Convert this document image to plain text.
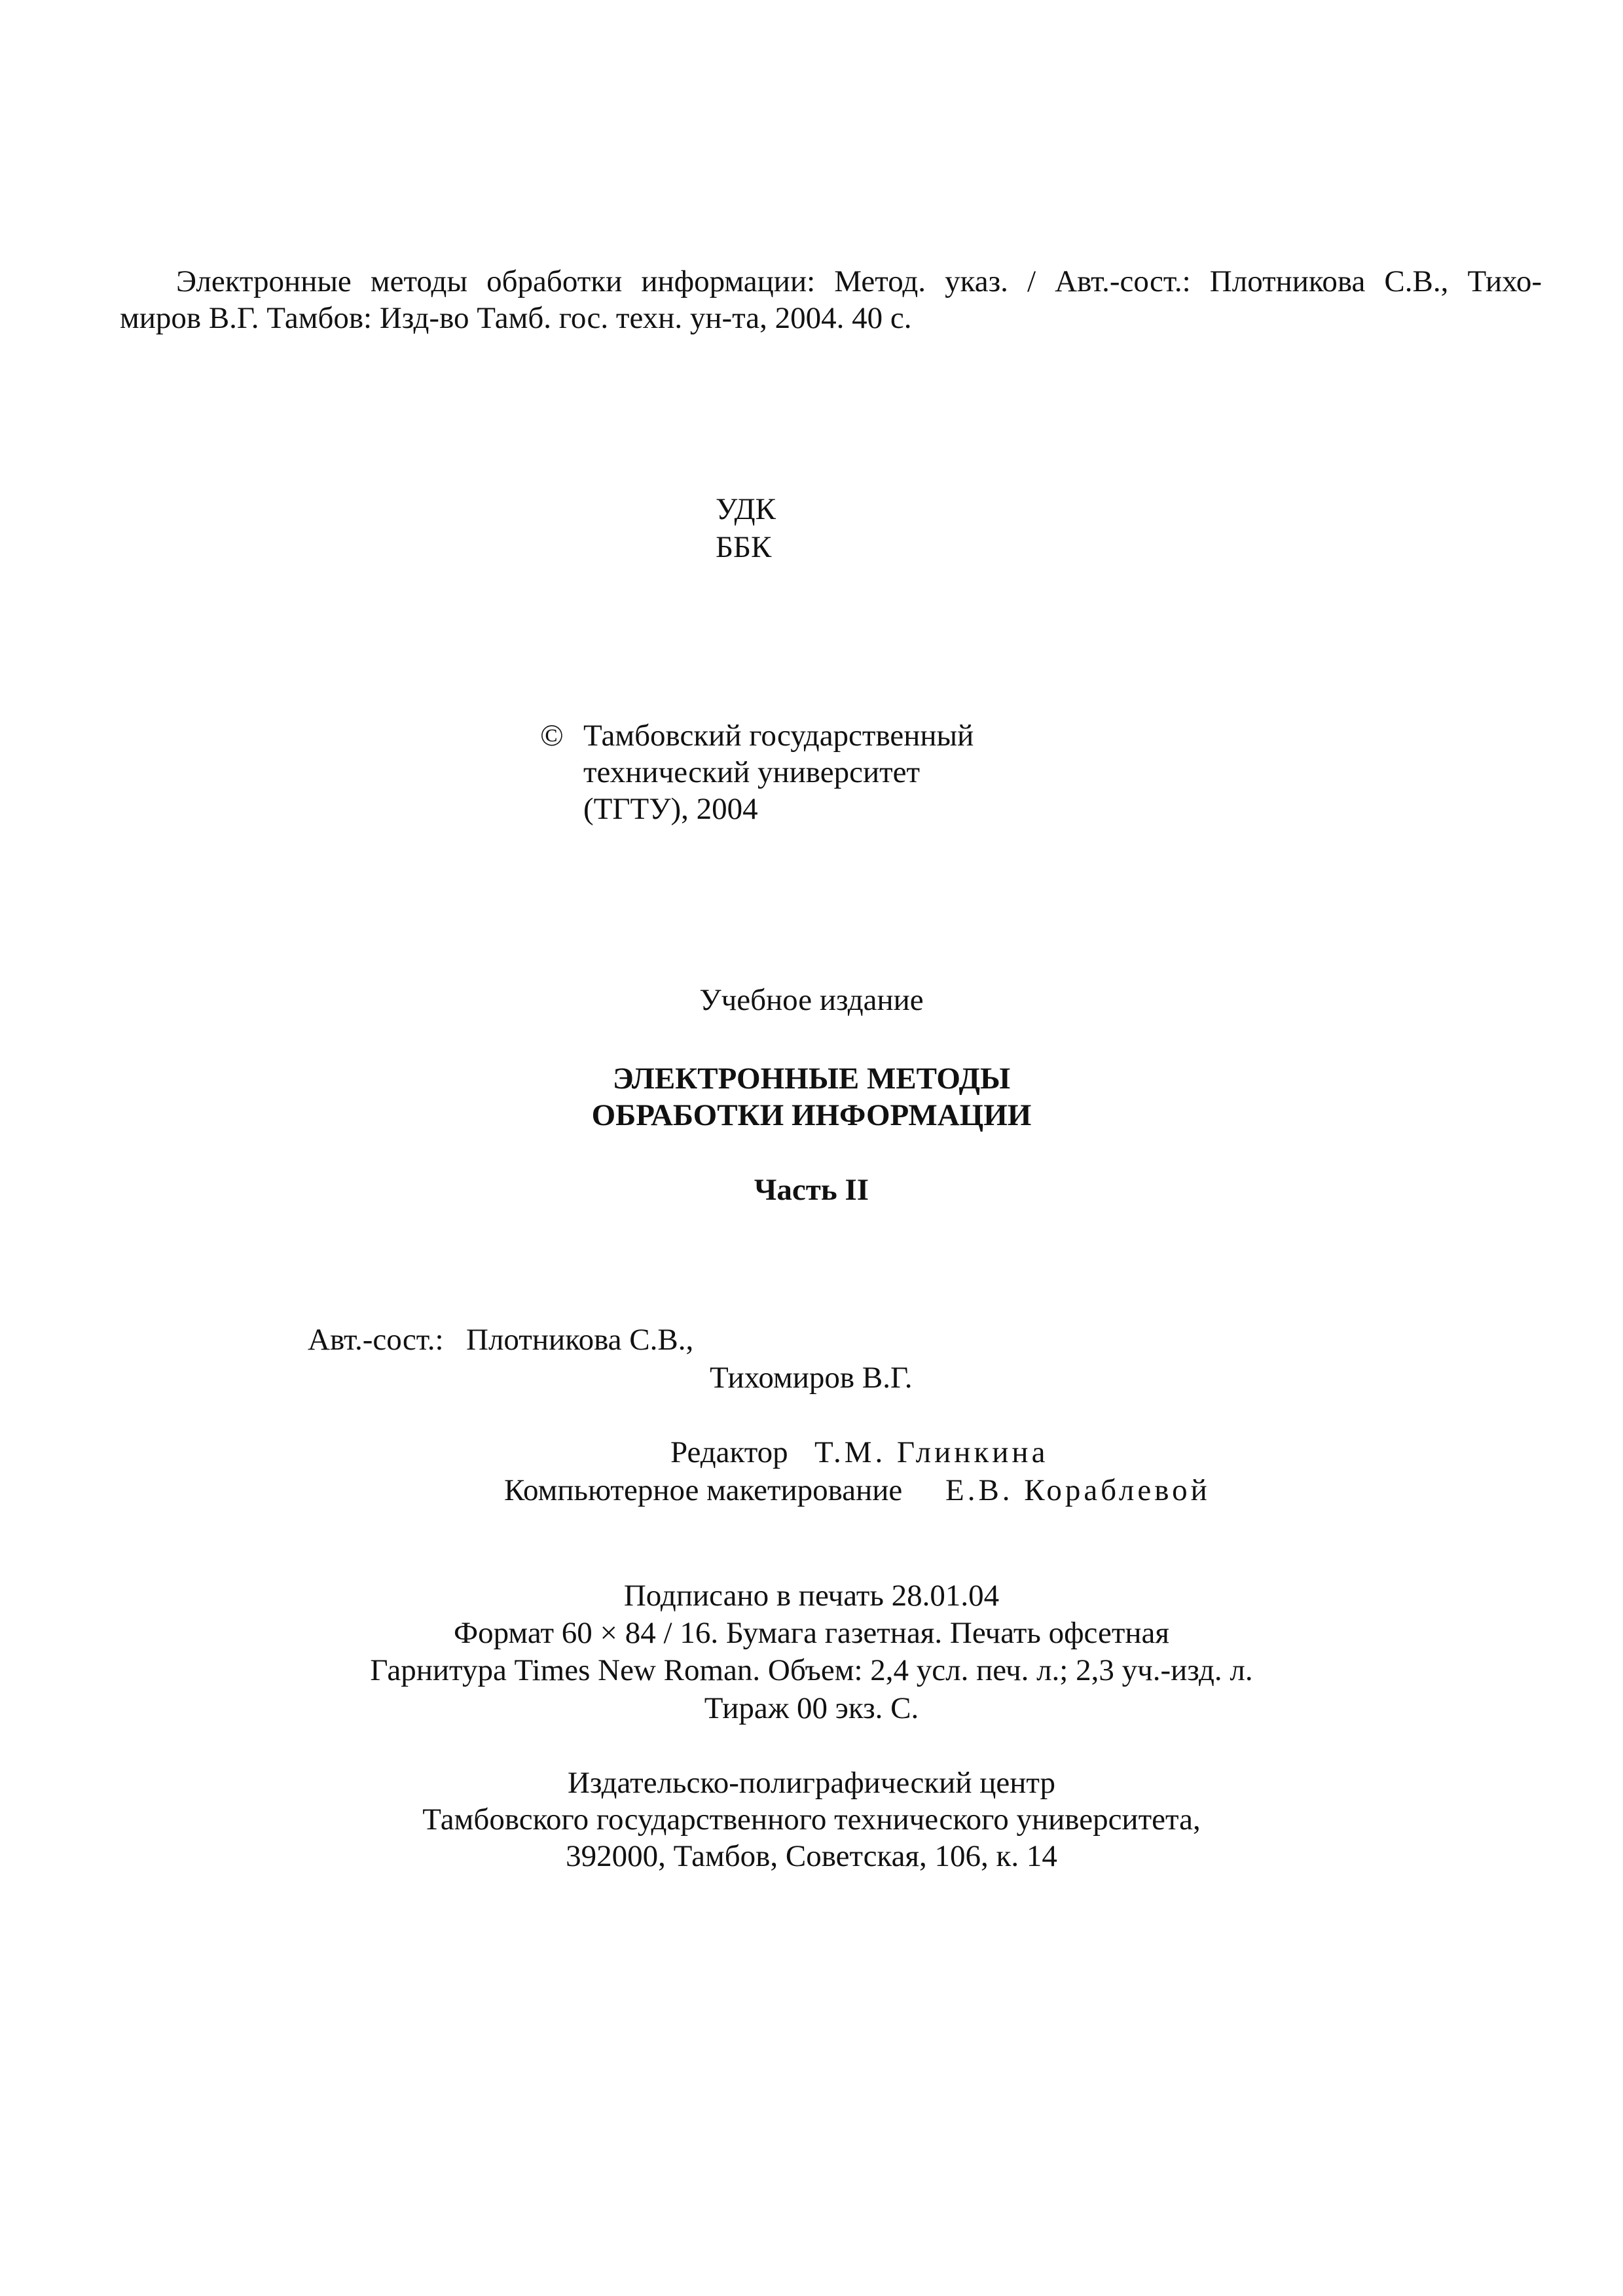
Электронные методы обработки информации: Метод. указ. / Авт.-сост.: Плотникова С.В., Тихо-
миров В.Г. Тамбов: Изд-во Тамб. гос. техн. ун-та, 2004. 40 с.

УДК

ББК

© Тамбовский государственный

технический университет

(ТГТУ), 2004

Учебное издание

ЭЛЕКТРОННЫЕ МЕТОДЫ

ОБРАБОТКИ ИНФОРМАЦИИ

Часть II

Авт.-сост.: Плотникова С.В.,

Тихомиров В.Г.

Редактор Т.М. Глинкина

Компьютерное макетирование Е.В. Кораблевой

Подписано в печать 28.01.04

Формат 60 × 84 / 16. Бумага газетная. Печать офсетная

Гарнитура Times New Roman. Объем: 2,4 усл. печ. л.; 2,3 уч.-изд. л.

Тираж 00 экз. С.

Издательско-полиграфический центр

Тамбовского государственного технического университета,

392000, Тамбов, Советская, 106, к. 14
